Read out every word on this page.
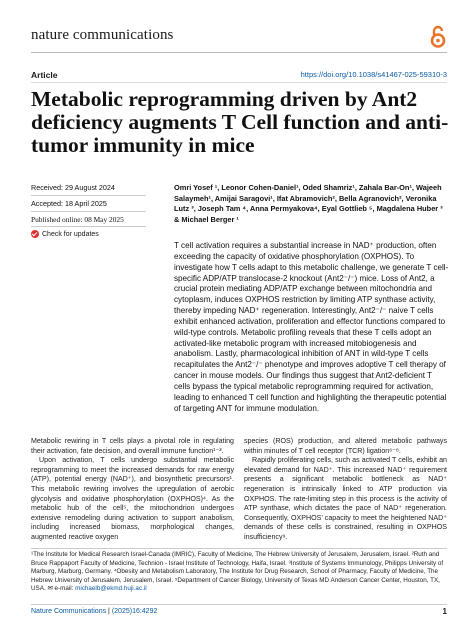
nature communications
Article	https://doi.org/10.1038/s41467-025-59310-3
Metabolic reprogramming driven by Ant2 deficiency augments T Cell function and anti-tumor immunity in mice
Received: 29 August 2024
Accepted: 18 April 2025
Published online: 08 May 2025
Check for updates
Omri Yosef ¹, Leonor Cohen-Daniel¹, Oded Shamriz¹, Zahala Bar-On¹, Wajeeh Salaymeh¹, Amijai Saragovi¹, Ifat Abramovich², Bella Agranovich², Veronika Lutz ³, Joseph Tam ⁴, Anna Permyakova⁴, Eyal Gottlieb ⁵, Magdalena Huber ³ & Michael Berger ¹
T cell activation requires a substantial increase in NAD⁺ production, often exceeding the capacity of oxidative phosphorylation (OXPHOS). To investigate how T cells adapt to this metabolic challenge, we generate T cell-specific ADP/ATP translocase-2 knockout (Ant2⁻/⁻) mice. Loss of Ant2, a crucial protein mediating ADP/ATP exchange between mitochondria and cytoplasm, induces OXPHOS restriction by limiting ATP synthase activity, thereby impeding NAD⁺ regeneration. Interestingly, Ant2⁻/⁻ naive T cells exhibit enhanced activation, proliferation and effector functions compared to wild-type controls. Metabolic profiling reveals that these T cells adopt an activated-like metabolic program with increased mitobiogenesis and anabolism. Lastly, pharmacological inhibition of ANT in wild-type T cells recapitulates the Ant2⁻/⁻ phenotype and improves adoptive T cell therapy of cancer in mouse models. Our findings thus suggest that Ant2-deficient T cells bypass the typical metabolic reprogramming required for activation, leading to enhanced T cell function and highlighting the therapeutic potential of targeting ANT for immune modulation.

Metabolic rewiring in T cells plays a pivotal role in regulating their activation, fate decision, and overall immune function¹⁻³.

Upon activation, T cells undergo substantial metabolic reprogramming to meet the increased demands for raw energy (ATP), potential energy (NAD⁺), and biosynthetic precursors¹. This metabolic rewiring involves the upregulation of aerobic glycolysis and oxidative phosphorylation (OXPHOS)⁴. As the metabolic hub of the cell⁵, the mitochondrion undergoes extensive remodeling during activation to support anabolism, including increased biomass, morphological changes, augmented reactive oxygen

species (ROS) production, and altered metabolic pathways within minutes of T cell receptor (TCR) ligation⁶⁻⁸.

Rapidly proliferating cells, such as activated T cells, exhibit an elevated demand for NAD⁺. This increased NAD⁺ requirement presents a significant metabolic bottleneck as NAD⁺ regeneration is intrinsically linked to ATP production via OXPHOS. The rate-limiting step in this process is the activity of ATP synthase, which dictates the pace of NAD⁺ regeneration. Consequently, OXPHOS’ capacity to meet the heightened NAD⁺ demands of these cells is constrained, resulting in OXPHOS insufficiency⁹.

¹The Institute for Medical Research Israel-Canada (IMRIC), Faculty of Medicine, The Hebrew University of Jerusalem, Jerusalem, Israel. ²Ruth and Bruce Rappaport Faculty of Medicine, Technion - Israel Institute of Technology, Haifa, Israel. ³Institute of Systems Immunology, Philipps University of Marburg, Marburg, Germany. ⁴Obesity and Metabolism Laboratory, The Institute for Drug Research, School of Pharmacy, Faculty of Medicine, The Hebrew University of Jerusalem, Jerusalem, Israel. ⁵Department of Cancer Biology, University of Texas MD Anderson Cancer Center, Houston, TX, USA. ✉ e-mail: michaelb@ekmd.huji.ac.il
Nature Communications | (2025)16:4292	1
